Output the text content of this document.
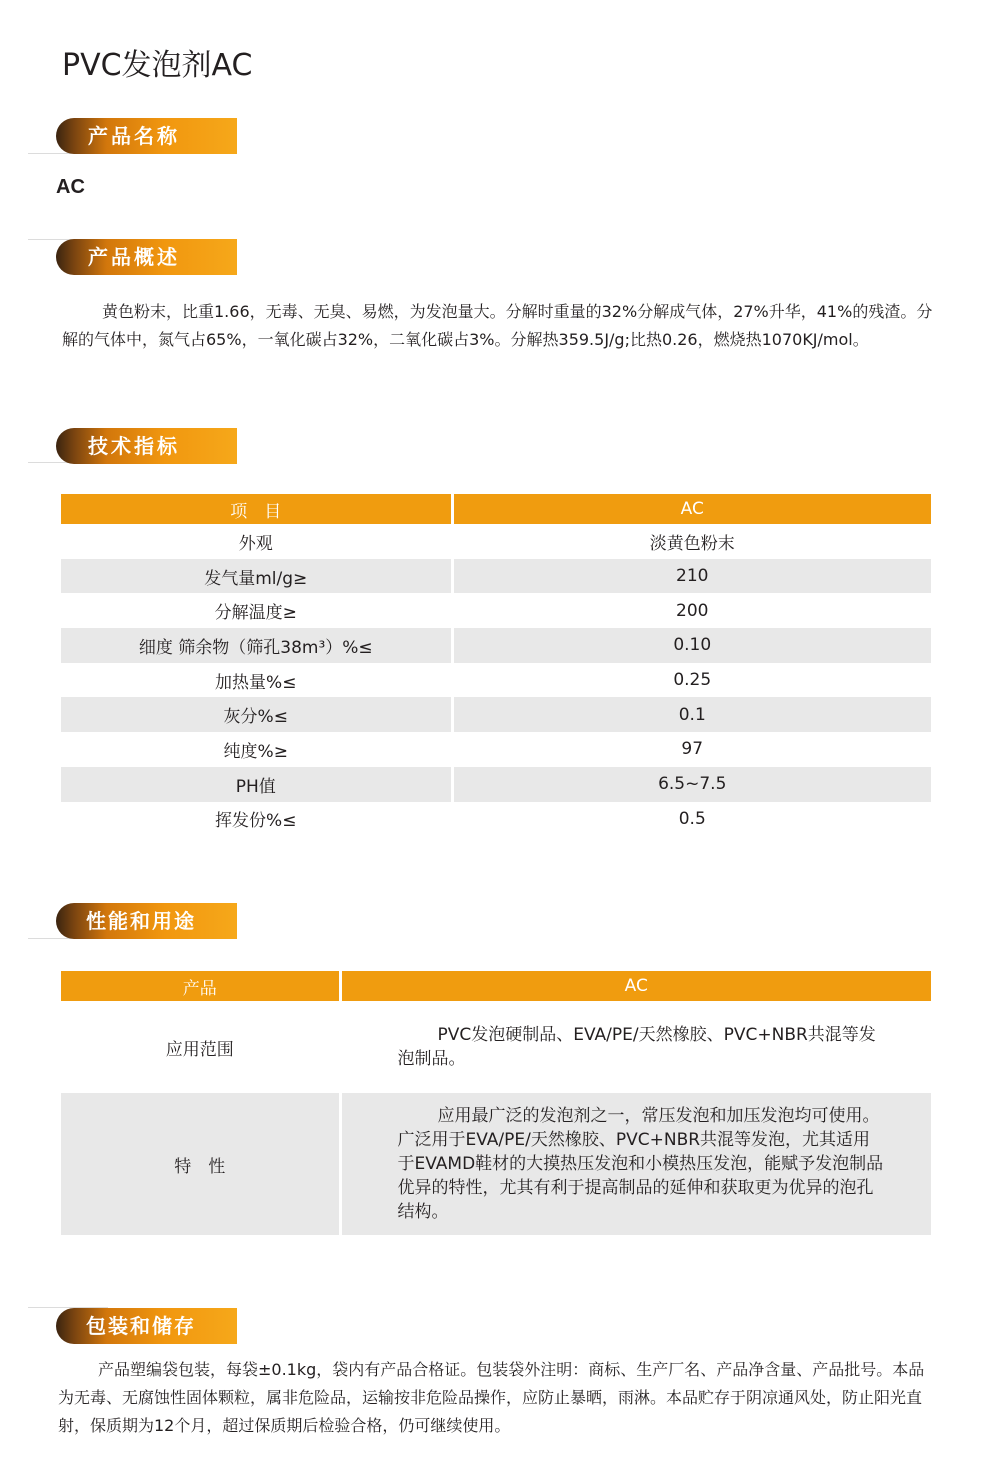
PVC发泡剂AC
产品名称
AC
产品概述
黄色粉末，比重1.66，无毒、无臭、易燃，为发泡量大。分解时重量的32%分解成气体，27%升华，41%的残渣。分解的气体中，氮气占65%，一氧化碳占32%，二氧化碳占3%。分解热359.5J/g;比热0.26，燃烧热1070KJ/mol。
技术指标
项　目	AC
外观	淡黄色粉末
发气量ml/g≥	210
分解温度≥	200
细度 筛余物（筛孔38m³）%≤	0.10
加热量%≤	0.25
灰分%≤	0.1
纯度%≥	97
PH值	6.5~7.5
挥发份%≤	0.5
性能和用途
产品	AC
应用范围	PVC发泡硬制品、EVA/PE/天然橡胶、PVC+NBR共混等发泡制品。

特　性	应用最广泛的发泡剂之一，常压发泡和加压发泡均可使用。广泛用于EVA/PE/天然橡胶、PVC+NBR共混等发泡，尤其适用于EVAMD鞋材的大摸热压发泡和小模热压发泡，能赋予发泡制品优异的特性，尤其有利于提高制品的延伸和获取更为优异的泡孔结构。
包装和储存
产品塑编袋包装，每袋±0.1kg，袋内有产品合格证。包装袋外注明：商标、生产厂名、产品净含量、产品批号。本品为无毒、无腐蚀性固体颗粒，属非危险品，运输按非危险品操作，应防止暴晒，雨淋。本品贮存于阴凉通风处，防止阳光直射，保质期为12个月，超过保质期后检验合格，仍可继续使用。
